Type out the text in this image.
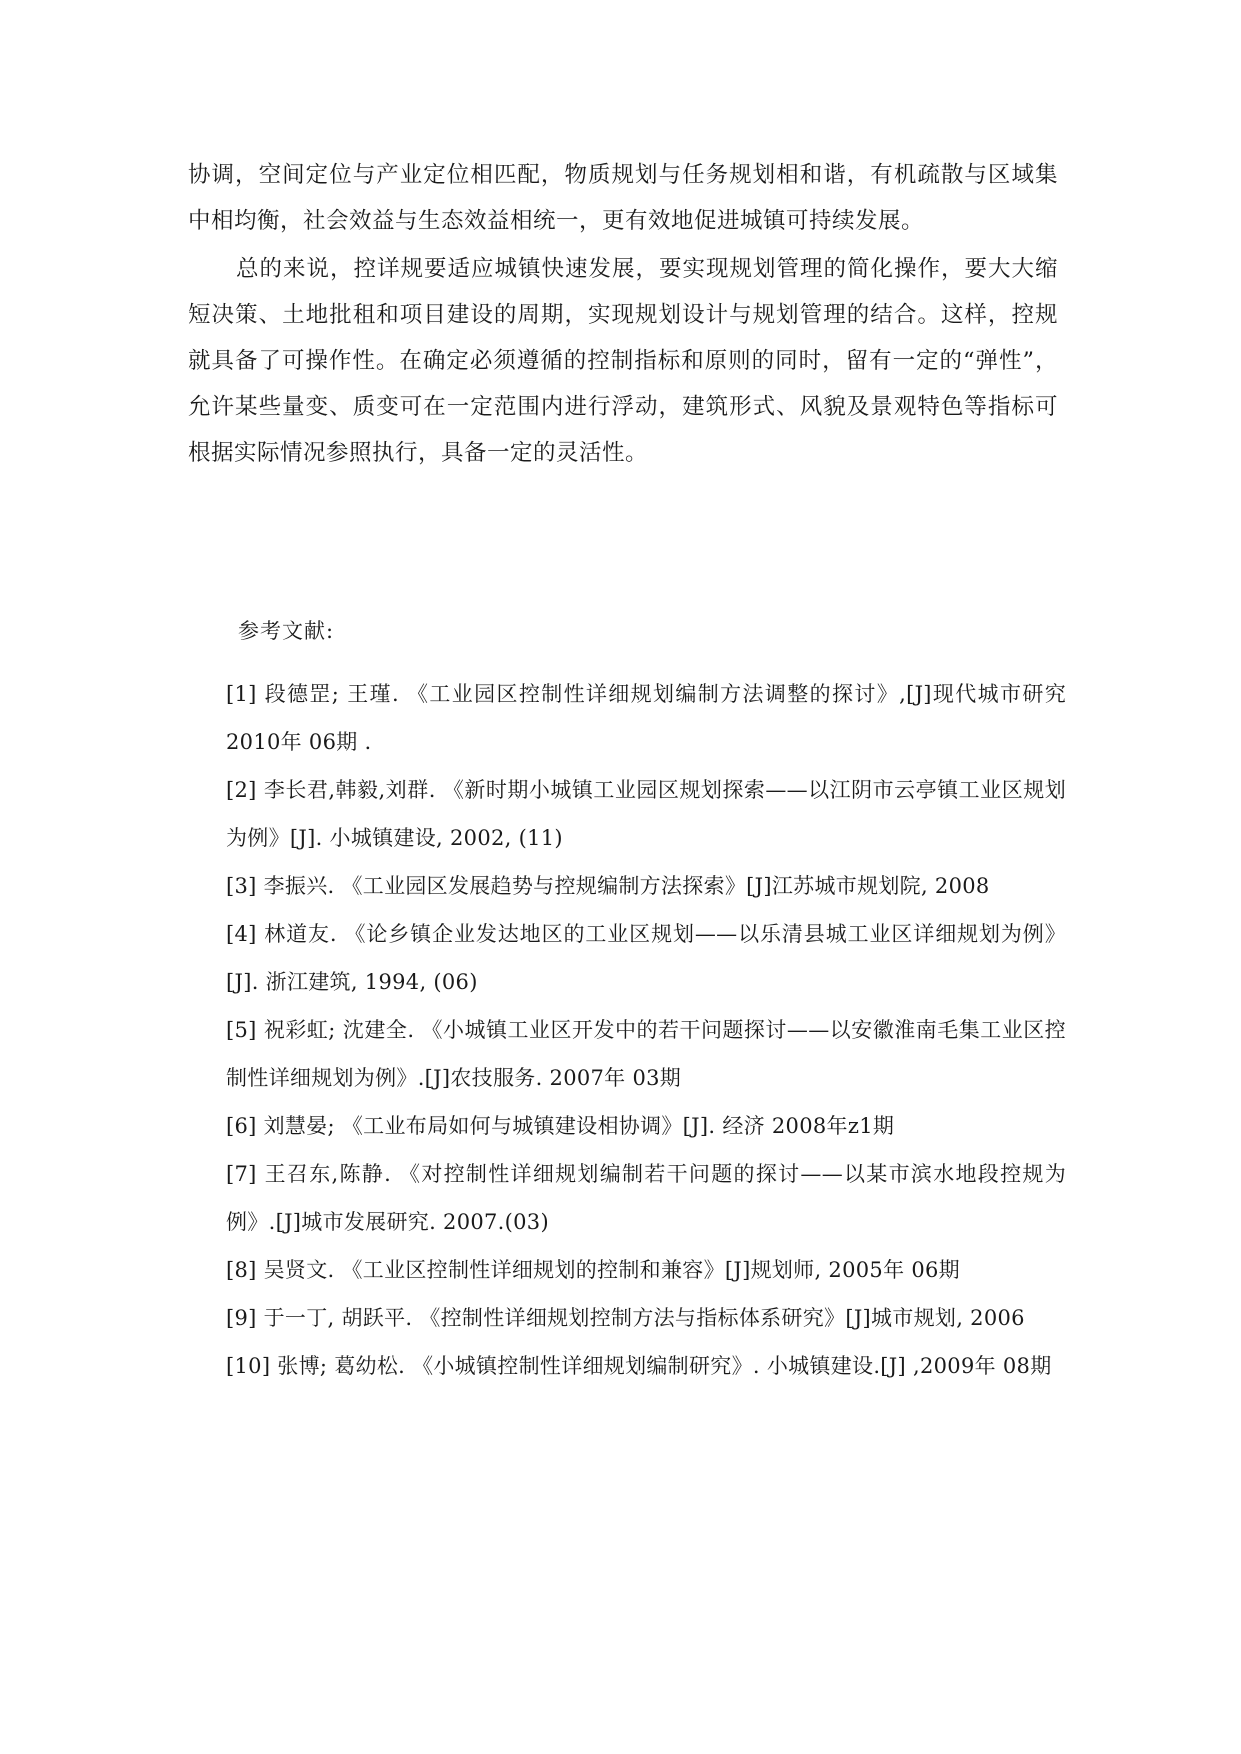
协调，空间定位与产业定位相匹配，物质规划与任务规划相和谐，有机疏散与区域集中相均衡，社会效益与生态效益相统一，更有效地促进城镇可持续发展。

总的来说，控详规要适应城镇快速发展，要实现规划管理的简化操作，要大大缩短决策、土地批租和项目建设的周期，实现规划设计与规划管理的结合。这样，控规就具备了可操作性。在确定必须遵循的控制指标和原则的同时，留有一定的“弹性”，允许某些量变、质变可在一定范围内进行浮动，建筑形式、风貌及景观特色等指标可根据实际情况参照执行，具备一定的灵活性。

参考文献:

[1] 段德罡; 王瑾. 《工业园区控制性详细规划编制方法调整的探讨》,[J]现代城市研究 2010年 06期 .

[2] 李长君,韩毅,刘群. 《新时期小城镇工业园区规划探索——以江阴市云亭镇工业区规划为例》[J]. 小城镇建设, 2002, (11)

[3] 李振兴. 《工业园区发展趋势与控规编制方法探索》[J]江苏城市规划院, 2008

[4] 林道友. 《论乡镇企业发达地区的工业区规划——以乐清县城工业区详细规划为例》[J]. 浙江建筑, 1994, (06)

[5] 祝彩虹; 沈建全. 《小城镇工业区开发中的若干问题探讨——以安徽淮南毛集工业区控制性详细规划为例》.[J]农技服务. 2007年 03期

[6] 刘慧晏; 《工业布局如何与城镇建设相协调》[J]. 经济 2008年z1期

[7] 王召东,陈静. 《对控制性详细规划编制若干问题的探讨——以某市滨水地段控规为例》.[J]城市发展研究. 2007.(03)

[8] 吴贤文. 《工业区控制性详细规划的控制和兼容》[J]规划师, 2005年 06期

[9] 于一丁, 胡跃平. 《控制性详细规划控制方法与指标体系研究》[J]城市规划, 2006

[10] 张博; 葛幼松. 《小城镇控制性详细规划编制研究》. 小城镇建设.[J] ,2009年 08期
